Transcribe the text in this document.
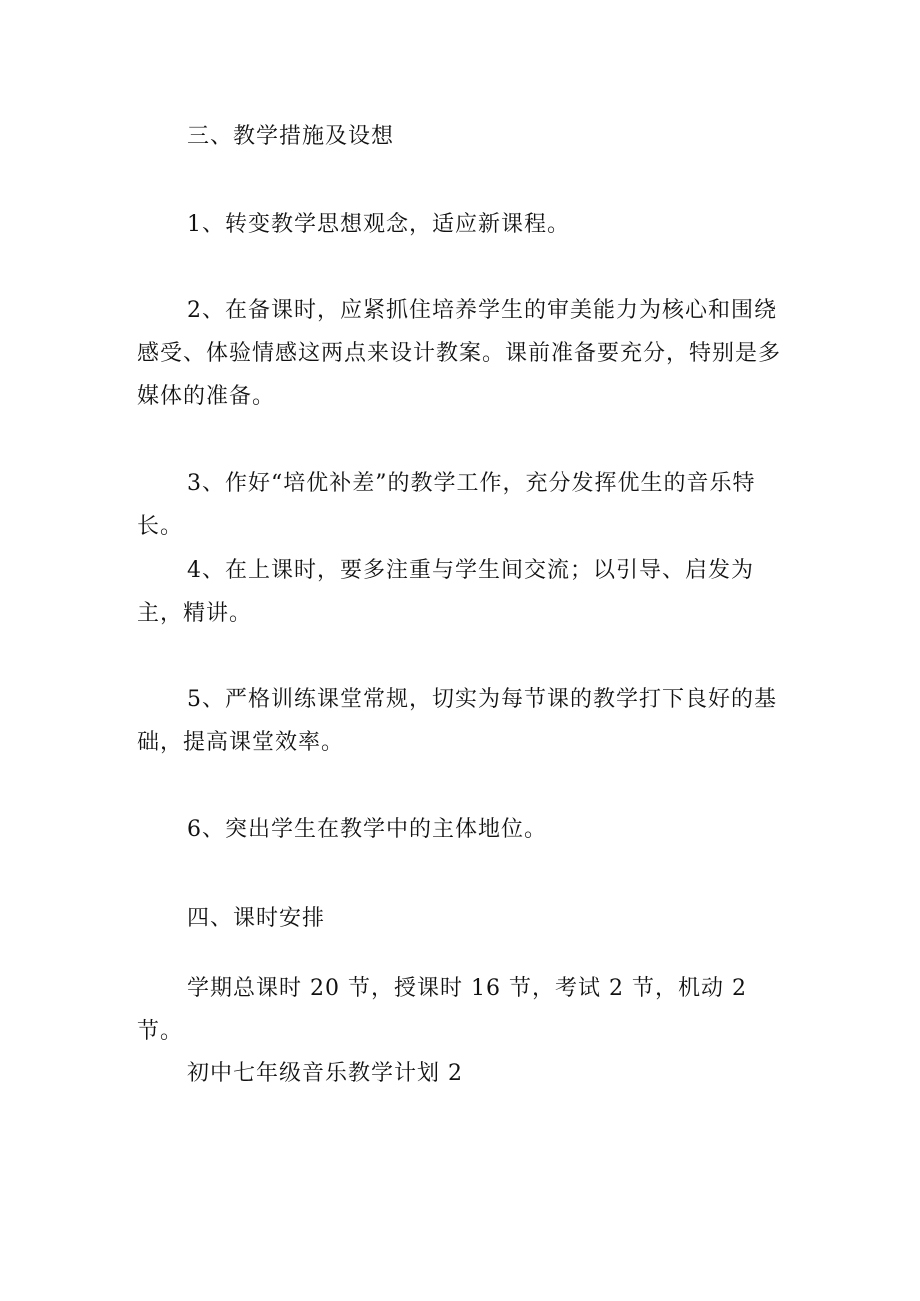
三、教学措施及设想

1、转变教学思想观念，适应新课程。

2、在备课时，应紧抓住培养学生的审美能力为核心和围绕感受、体验情感这两点来设计教案。课前准备要充分，特别是多媒体的准备。

3、作好“培优补差”的教学工作，充分发挥优生的音乐特长。

4、在上课时，要多注重与学生间交流；以引导、启发为主，精讲。

5、严格训练课堂常规，切实为每节课的教学打下良好的基础，提高课堂效率。

6、突出学生在教学中的主体地位。

四、课时安排

学期总课时 20 节，授课时 16 节，考试 2 节，机动 2 节。

初中七年级音乐教学计划 2
